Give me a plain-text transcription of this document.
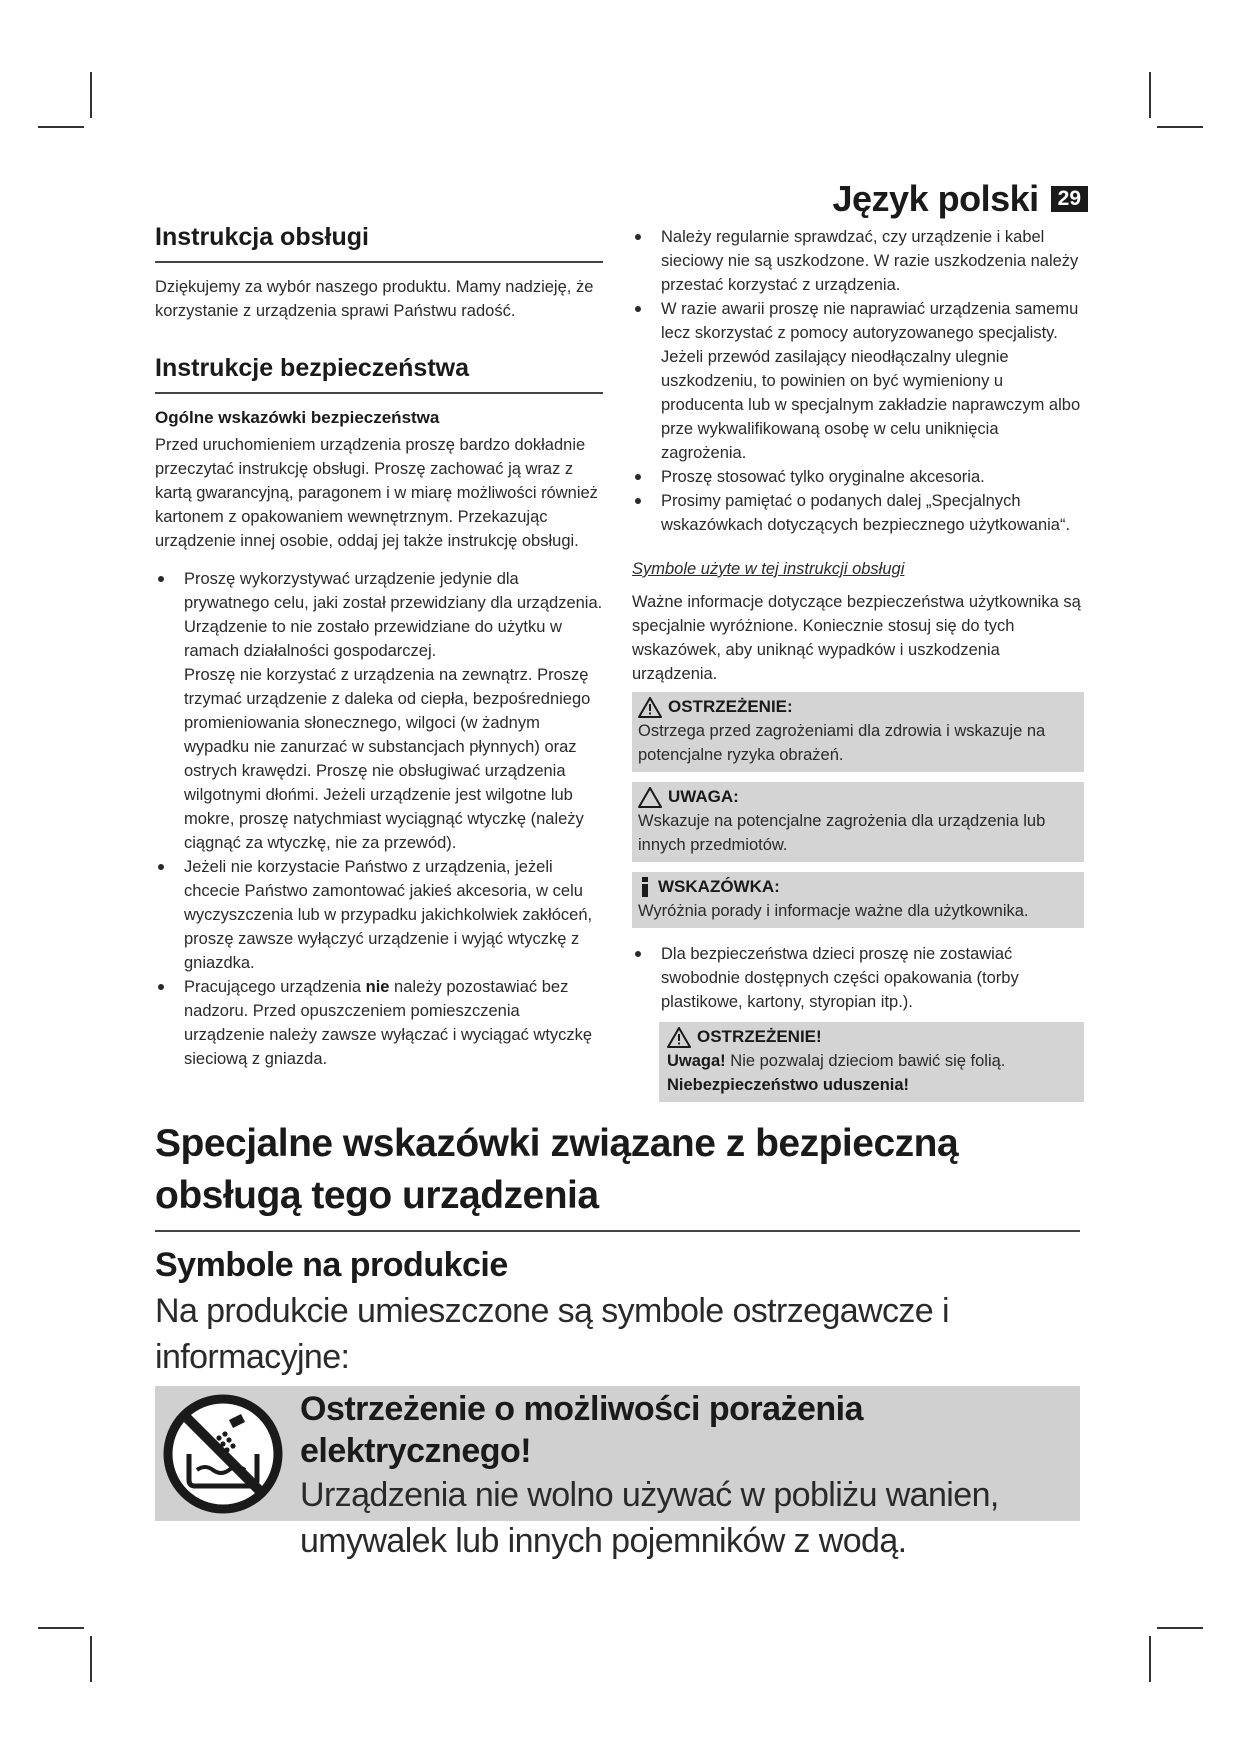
Język polski 29
Instrukcja obsługi

Dziękujemy za wybór naszego produktu. Mamy nadzieję, że korzystanie z urządzenia sprawi Państwu radość.

Instrukcje bezpieczeństwa
Ogólne wskazówki bezpieczeństwa

Przed uruchomieniem urządzenia proszę bardzo dokładnie przeczytać instrukcję obsługi. Proszę zachować ją wraz z kartą gwarancyjną, paragonem i w miarę możliwości również kartonem z opakowaniem wewnętrznym. Przekazując urządzenie innej osobie, oddaj jej także instrukcję obsługi.

Proszę wykorzystywać urządzenie jedynie dla prywatnego celu, jaki został przewidziany dla urządzenia. Urządzenie to nie zostało przewidziane do użytku w ramach działalności gospodarczej.
Proszę nie korzystać z urządzenia na zewnątrz. Proszę trzymać urządzenie z daleka od ciepła, bezpośredniego promieniowania słonecznego, wilgoci (w żadnym wypadku nie zanurzać w substancjach płynnych) oraz ostrych krawędzi. Proszę nie obsługiwać urządzenia wilgotnymi dłońmi. Jeżeli urządzenie jest wilgotne lub mokre, proszę natychmiast wyciągnąć wtyczkę (należy ciągnąć za wtyczkę, nie za przewód).
Jeżeli nie korzystacie Państwo z urządzenia, jeżeli chcecie Państwo zamontować jakieś akcesoria, w celu wyczyszczenia lub w przypadku jakichkolwiek zakłóceń, proszę zawsze wyłączyć urządzenie i wyjąć wtyczkę z gniazdka.
Pracującego urządzenia nie należy pozostawiać bez nadzoru. Przed opuszczeniem pomieszczenia urządzenie należy zawsze wyłączać i wyciągać wtyczkę sieciową z gniazda.
Należy regularnie sprawdzać, czy urządzenie i kabel sieciowy nie są uszkodzone. W razie uszkodzenia należy przestać korzystać z urządzenia.
W razie awarii proszę nie naprawiać urządzenia samemu lecz skorzystać z pomocy autoryzowanego specjalisty. Jeżeli przewód zasilający nieodłączalny ulegnie uszkodzeniu, to powinien on być wymieniony u producenta lub w specjalnym zakładzie naprawczym albo prze wykwalifikowaną osobę w celu uniknięcia zagrożenia.
Proszę stosować tylko oryginalne akcesoria.
Prosimy pamiętać o podanych dalej „Specjalnych wskazówkach dotyczących bezpiecznego użytkowania“.
Symbole użyte w tej instrukcji obsługi

Ważne informacje dotyczące bezpieczeństwa użytkownika są specjalnie wyróżnione. Koniecznie stosuj się do tych wskazówek, aby uniknąć wypadków i uszkodzenia urządzenia.

OSTRZEŻENIE:
Ostrzega przed zagrożeniami dla zdrowia i wskazuje na potencjalne ryzyka obrażeń.
UWAGA:
Wskazuje na potencjalne zagrożenia dla urządzenia lub innych przedmiotów.
WSKAZÓWKA:
Wyróżnia porady i informacje ważne dla użytkownika.
Dla bezpieczeństwa dzieci proszę nie zostawiać swobodnie dostępnych części opakowania (torby plastikowe, kartony, styropian itp.).
OSTRZEŻENIE!
Uwaga! Nie pozwalaj dzieciom bawić się folią. Niebezpieczeństwo uduszenia!
Specjalne wskazówki związane z bezpieczną obsługą tego urządzenia
Symbole na produkcie
Na produkcie umieszczone są symbole ostrzegawcze i informacyjne:
Ostrzeżenie o możliwości porażenia elektrycznego!
Urządzenia nie wolno używać w pobliżu wanien, umywalek lub innych pojemników z wodą.
